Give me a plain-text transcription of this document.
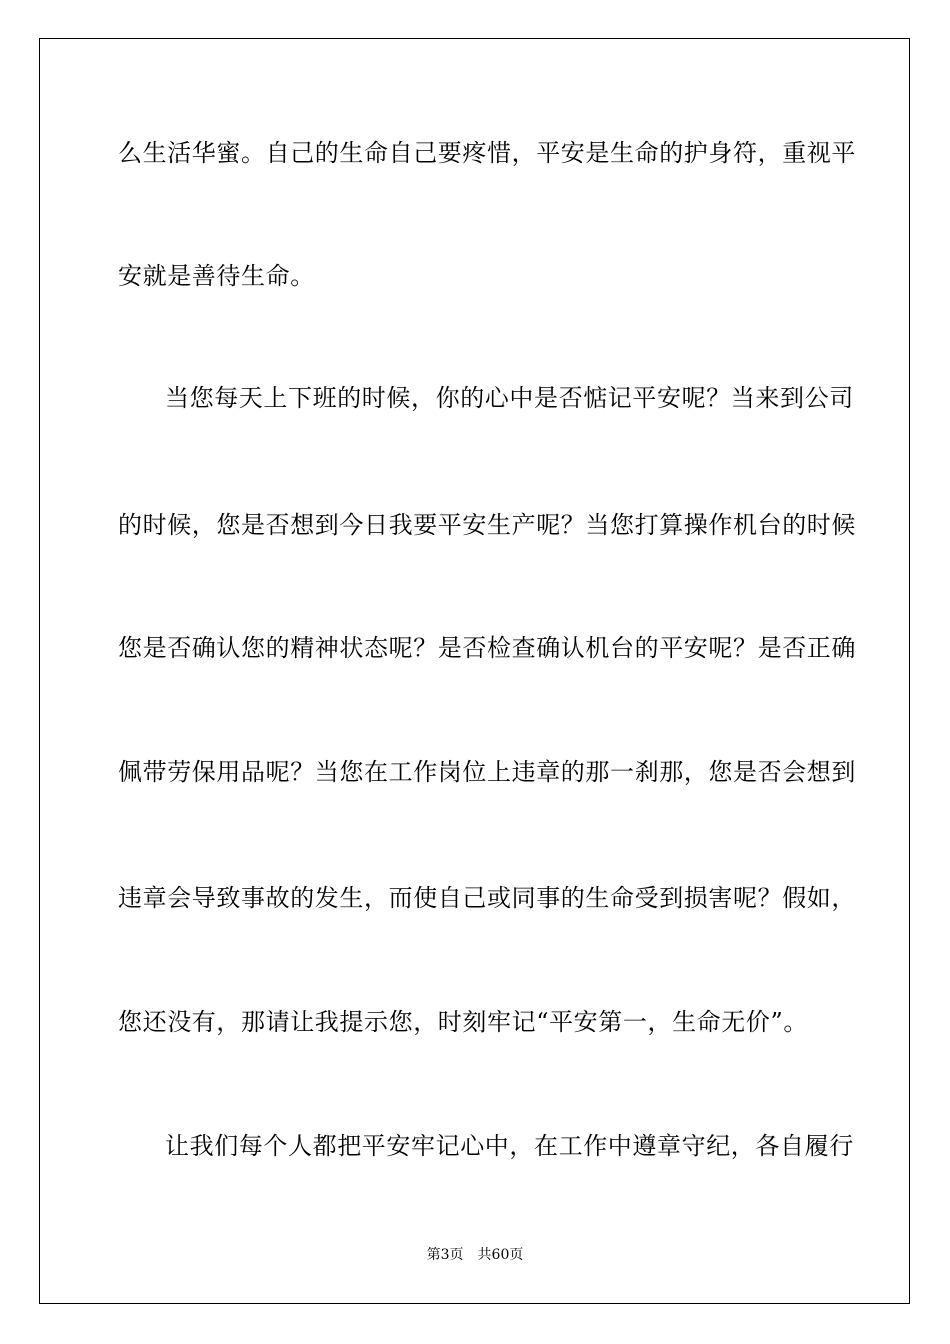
么生活华蜜。自己的生命自己要疼惜，平安是生命的护身符，重视平
安就是善待生命。
当您每天上下班的时候，你的心中是否惦记平安呢？当来到公司
的时候，您是否想到今日我要平安生产呢？当您打算操作机台的时候
您是否确认您的精神状态呢？是否检查确认机台的平安呢？是否正确
佩带劳保用品呢？当您在工作岗位上违章的那一刹那，您是否会想到
违章会导致事故的发生，而使自己或同事的生命受到损害呢？假如，
您还没有，那请让我提示您，时刻牢记“平安第一，生命无价”。
让我们每个人都把平安牢记心中，在工作中遵章守纪，各自履行
第3页 共60页
